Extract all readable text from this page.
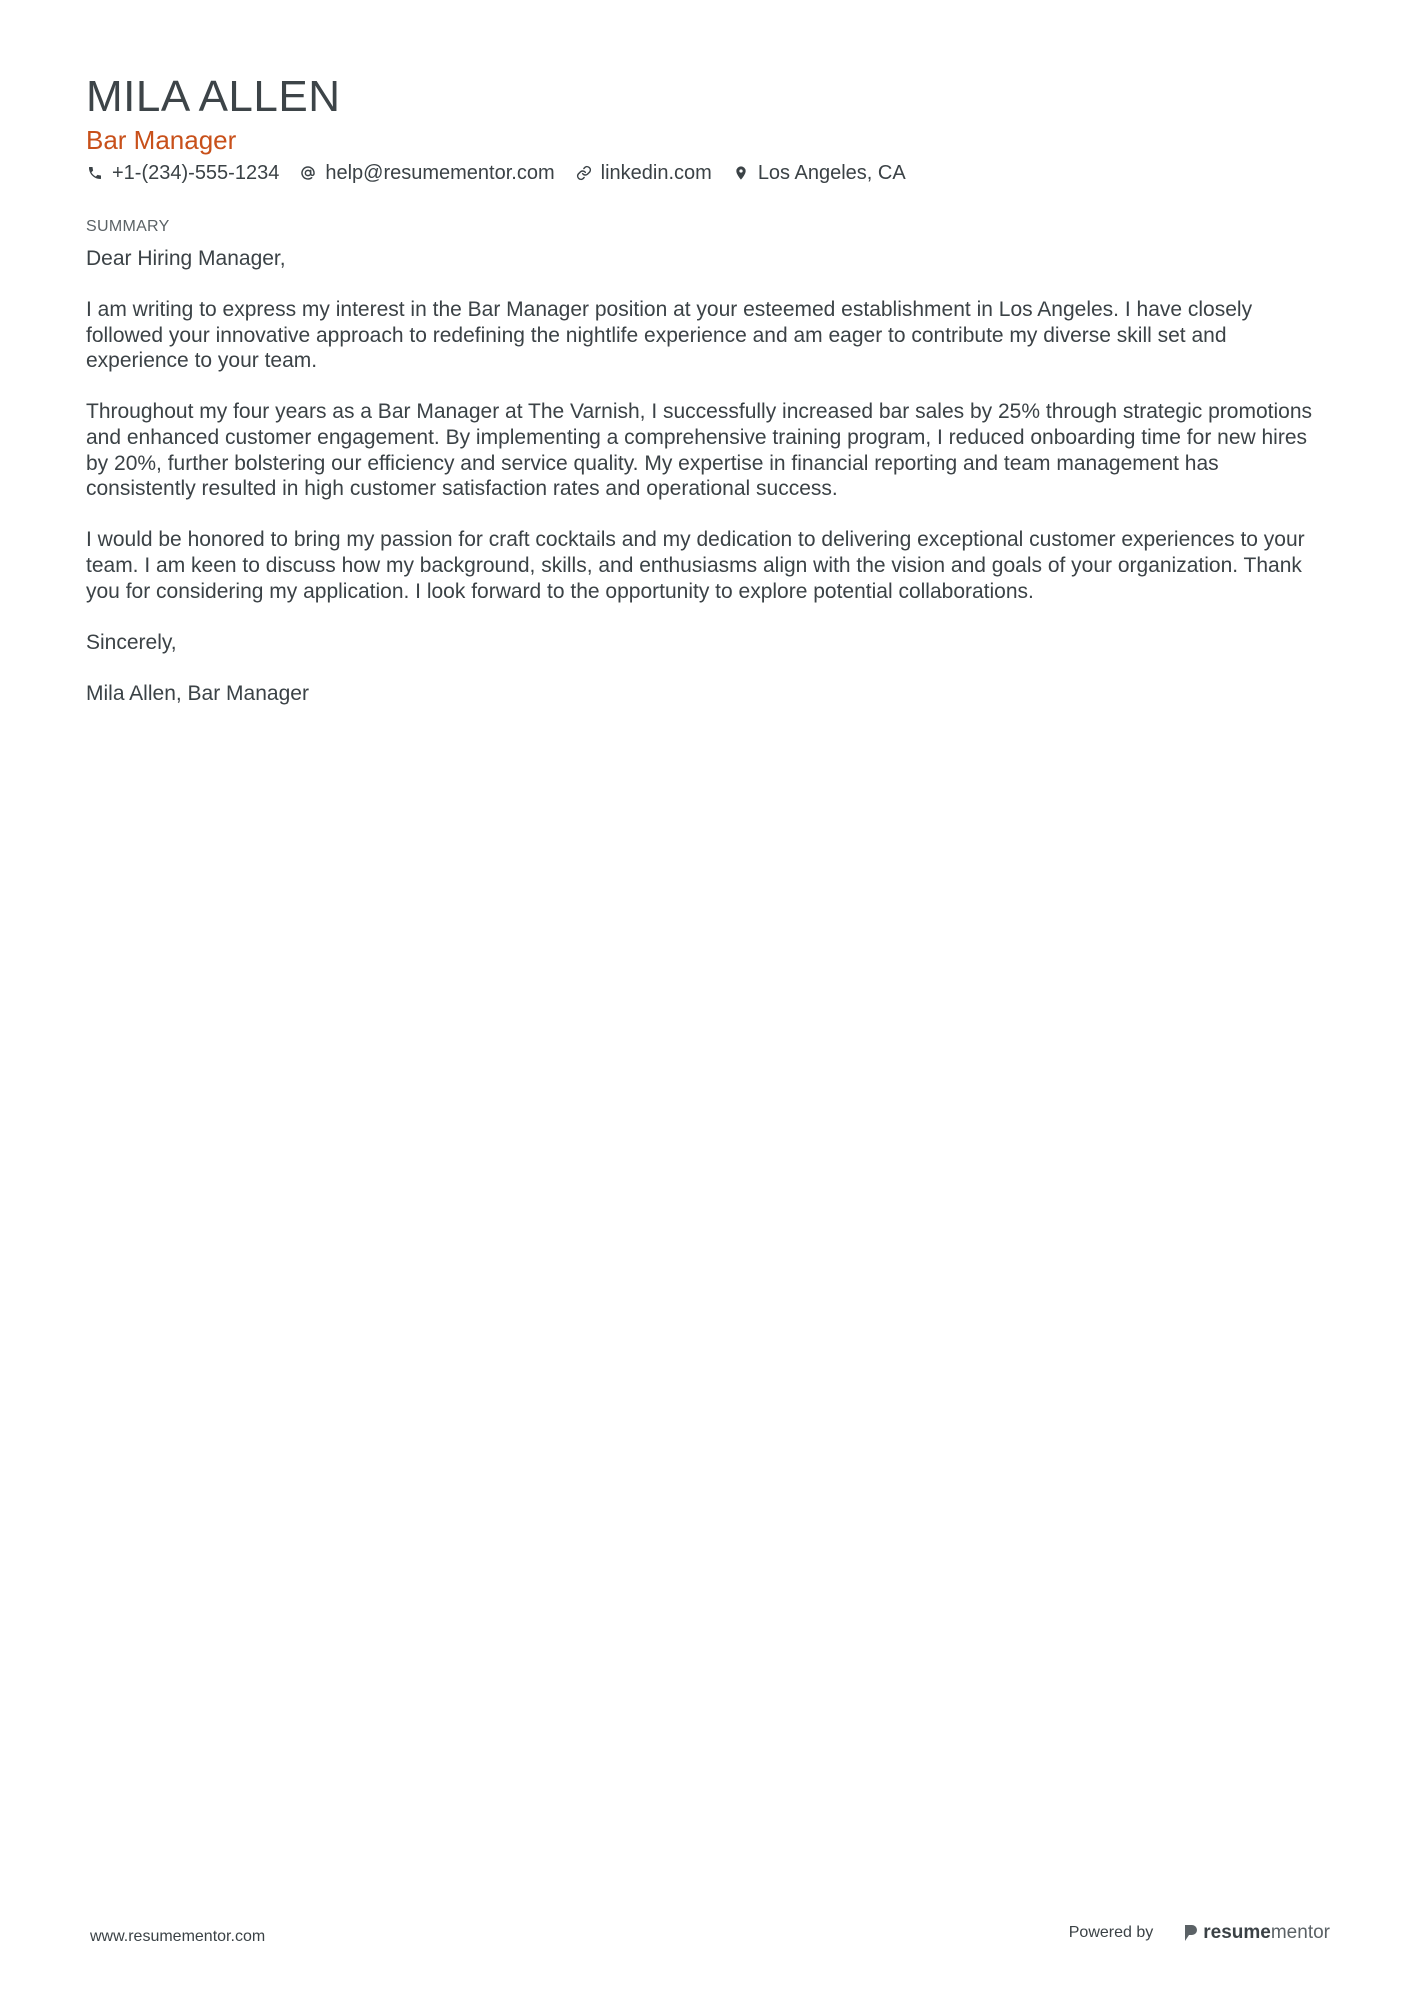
MILA ALLEN
Bar Manager
+1-(234)-555-1234 help@resumementor.com linkedin.com Los Angeles, CA
SUMMARY

Dear Hiring Manager,

I am writing to express my interest in the Bar Manager position at your esteemed establishment in Los Angeles. I have closely followed your innovative approach to redefining the nightlife experience and am eager to contribute my diverse skill set and experience to your team.

Throughout my four years as a Bar Manager at The Varnish, I successfully increased bar sales by 25% through strategic promotions and enhanced customer engagement. By implementing a comprehensive training program, I reduced onboarding time for new hires by 20%, further bolstering our efficiency and service quality. My expertise in financial reporting and team management has consistently resulted in high customer satisfaction rates and operational success.

I would be honored to bring my passion for craft cocktails and my dedication to delivering exceptional customer experiences to your team. I am keen to discuss how my background, skills, and enthusiasms align with the vision and goals of your organization. Thank you for considering my application. I look forward to the opportunity to explore potential collaborations.

Sincerely,

Mila Allen, Bar Manager

www.resumementor.com	Powered by	resume mentor
